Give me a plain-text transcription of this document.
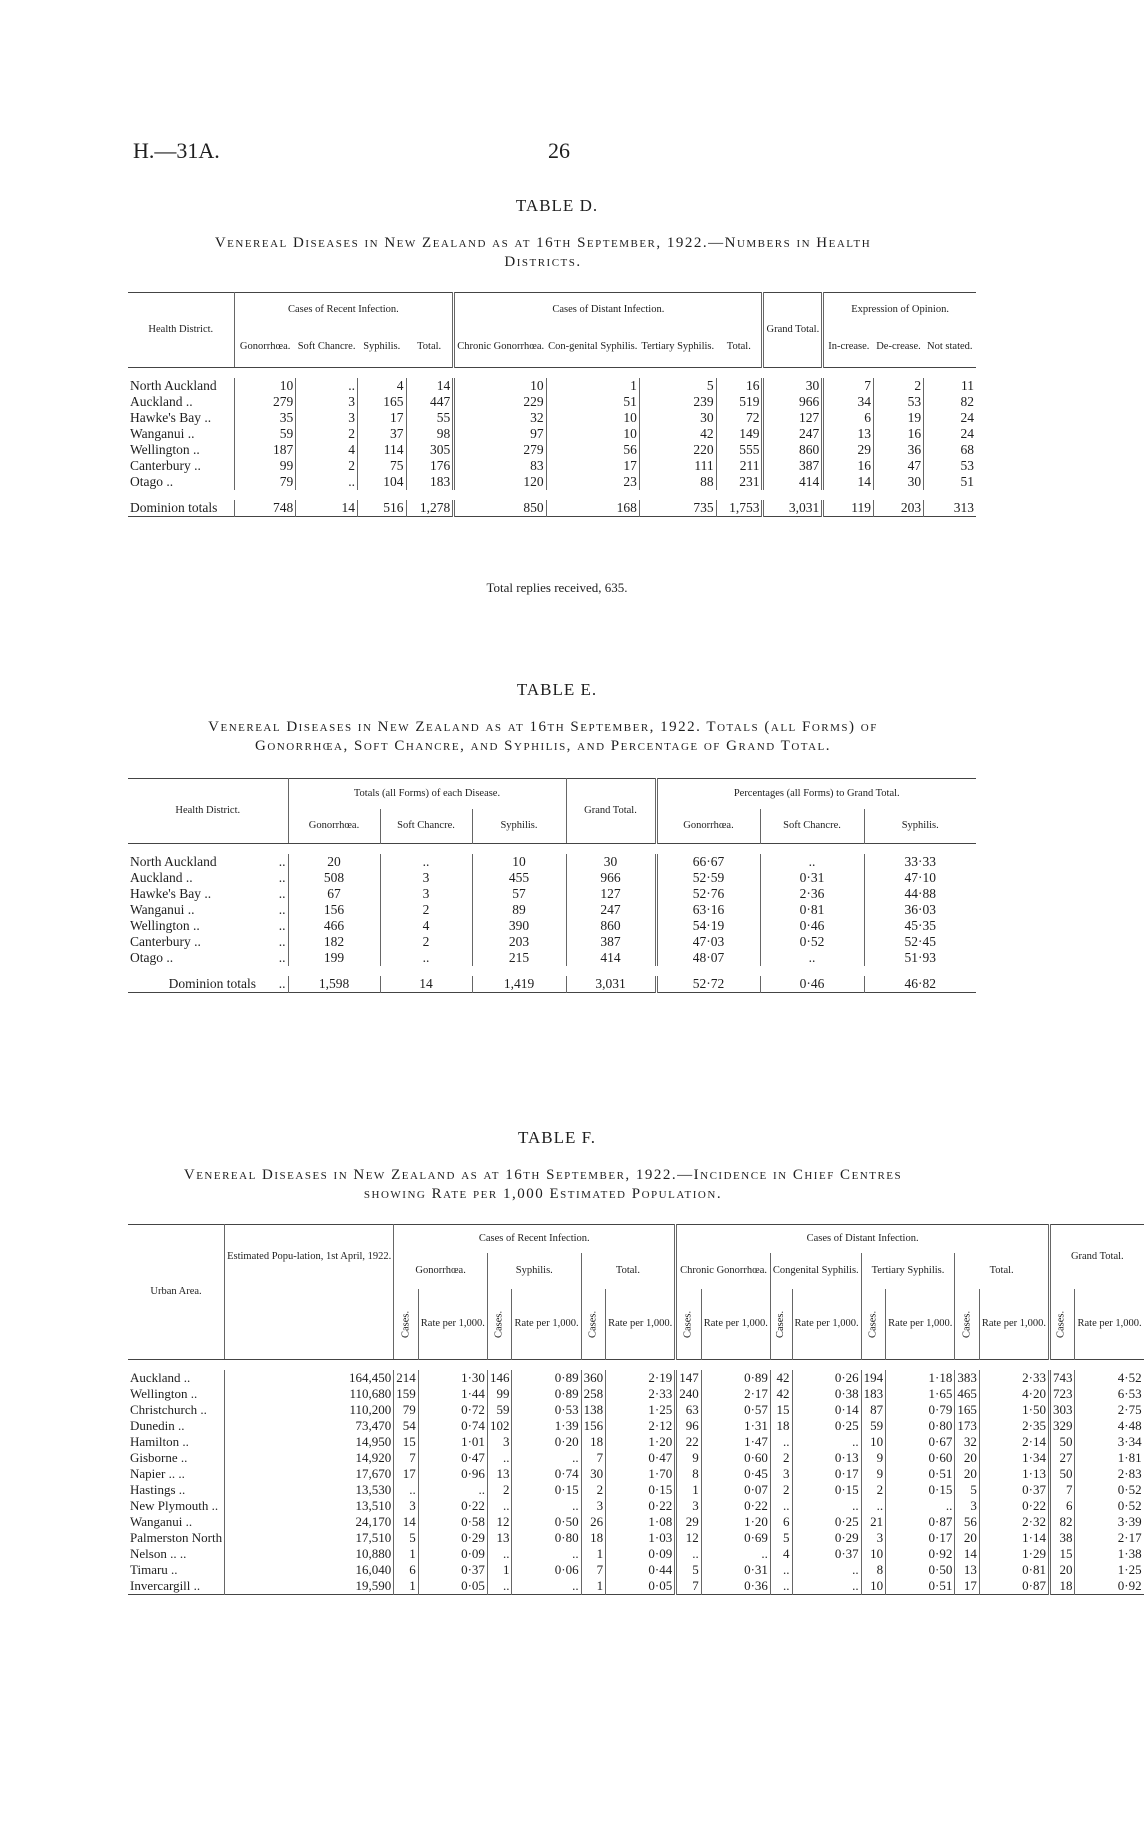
H.—31A.	26
TABLE D.
Venereal Diseases in New Zealand as at 16th September, 1922.—Numbers in Health
Districts.
Health District.	Cases of Recent Infection.				Cases of Distant Infection.				Grand Total.	Expression of Opinion.		
	Gonorrhœa.	Soft Chancre.	Syphilis.	Total.	Chronic Gonorrhœa.	Con-genital Syphilis.	Tertiary Syphilis.	Total.		In-crease.	De-crease.	Not stated.

North Auckland	10	..	4	14	10	1	5	16	30	7	2	11
Auckland ..	279	3	165	447	229	51	239	519	966	34	53	82
Hawke's Bay ..	35	3	17	55	32	10	30	72	127	6	19	24
Wanganui ..	59	2	37	98	97	10	42	149	247	13	16	24
Wellington ..	187	4	114	305	279	56	220	555	860	29	36	68
Canterbury ..	99	2	75	176	83	17	111	211	387	16	47	53
Otago ..	79	..	104	183	120	23	88	231	414	14	30	51

Dominion totals	748	14	516	1,278	850	168	735	1,753	3,031	119	203	313
Total replies received, 635.
TABLE E.
Venereal Diseases in New Zealand as at 16th September, 1922. Totals (all Forms) of
Gonorrhœa, Soft Chancre, and Syphilis, and Percentage of Grand Total.
Health District.		Totals (all Forms) of each Disease.			Grand Total.	Percentages (all Forms) to Grand Total.		
		Gonorrhœa.	Soft Chancre.	Syphilis.		Gonorrhœa.	Soft Chancre.	Syphilis.

North Auckland	..	20	..	10	30	66·67	..	33·33
Auckland ..	..	508	3	455	966	52·59	0·31	47·10
Hawke's Bay ..	..	67	3	57	127	52·76	2·36	44·88
Wanganui ..	..	156	2	89	247	63·16	0·81	36·03
Wellington ..	..	466	4	390	860	54·19	0·46	45·35
Canterbury ..	..	182	2	203	387	47·03	0·52	52·45
Otago ..	..	199	..	215	414	48·07	..	51·93

Dominion totals	..	1,598	14	1,419	3,031	52·72	0·46	46·82
TABLE F.
Venereal Diseases in New Zealand as at 16th September, 1922.—Incidence in Chief Centres
showing Rate per 1,000 Estimated Population.
Urban Area.	Estimated Popu-lation, 1st April, 1922.	Cases of Recent Infection.						Cases of Distant Infection.								Grand Total.	
		Gonorrhœa.		Syphilis.		Total.		Chronic Gonorrhœa.		Congenital Syphilis.		Tertiary Syphilis.		Total.			
		Cases.	Rate per 1,000.	Cases.	Rate per 1,000.	Cases.	Rate per 1,000.	Cases.	Rate per 1,000.	Cases.	Rate per 1,000.	Cases.	Rate per 1,000.	Cases.	Rate per 1,000.	Cases.	Rate per 1,000.

Auckland ..	164,450	214	1·30	146	0·89	360	2·19	147	0·89	42	0·26	194	1·18	383	2·33	743	4·52
Wellington ..	110,680	159	1·44	99	0·89	258	2·33	240	2·17	42	0·38	183	1·65	465	4·20	723	6·53
Christchurch ..	110,200	79	0·72	59	0·53	138	1·25	63	0·57	15	0·14	87	0·79	165	1·50	303	2·75
Dunedin ..	73,470	54	0·74	102	1·39	156	2·12	96	1·31	18	0·25	59	0·80	173	2·35	329	4·48
Hamilton ..	14,950	15	1·01	3	0·20	18	1·20	22	1·47	..	..	10	0·67	32	2·14	50	3·34
Gisborne ..	14,920	7	0·47	..	..	7	0·47	9	0·60	2	0·13	9	0·60	20	1·34	27	1·81
Napier .. ..	17,670	17	0·96	13	0·74	30	1·70	8	0·45	3	0·17	9	0·51	20	1·13	50	2·83
Hastings ..	13,530	..	..	2	0·15	2	0·15	1	0·07	2	0·15	2	0·15	5	0·37	7	0·52
New Plymouth ..	13,510	3	0·22	..	..	3	0·22	3	0·22	..	..	..	..	3	0·22	6	0·52
Wanganui ..	24,170	14	0·58	12	0·50	26	1·08	29	1·20	6	0·25	21	0·87	56	2·32	82	3·39
Palmerston North	17,510	5	0·29	13	0·80	18	1·03	12	0·69	5	0·29	3	0·17	20	1·14	38	2·17
Nelson .. ..	10,880	1	0·09	..	..	1	0·09	..	..	4	0·37	10	0·92	14	1·29	15	1·38
Timaru ..	16,040	6	0·37	1	0·06	7	0·44	5	0·31	..	..	8	0·50	13	0·81	20	1·25
Invercargill ..	19,590	1	0·05	..	..	1	0·05	7	0·36	..	..	10	0·51	17	0·87	18	0·92
